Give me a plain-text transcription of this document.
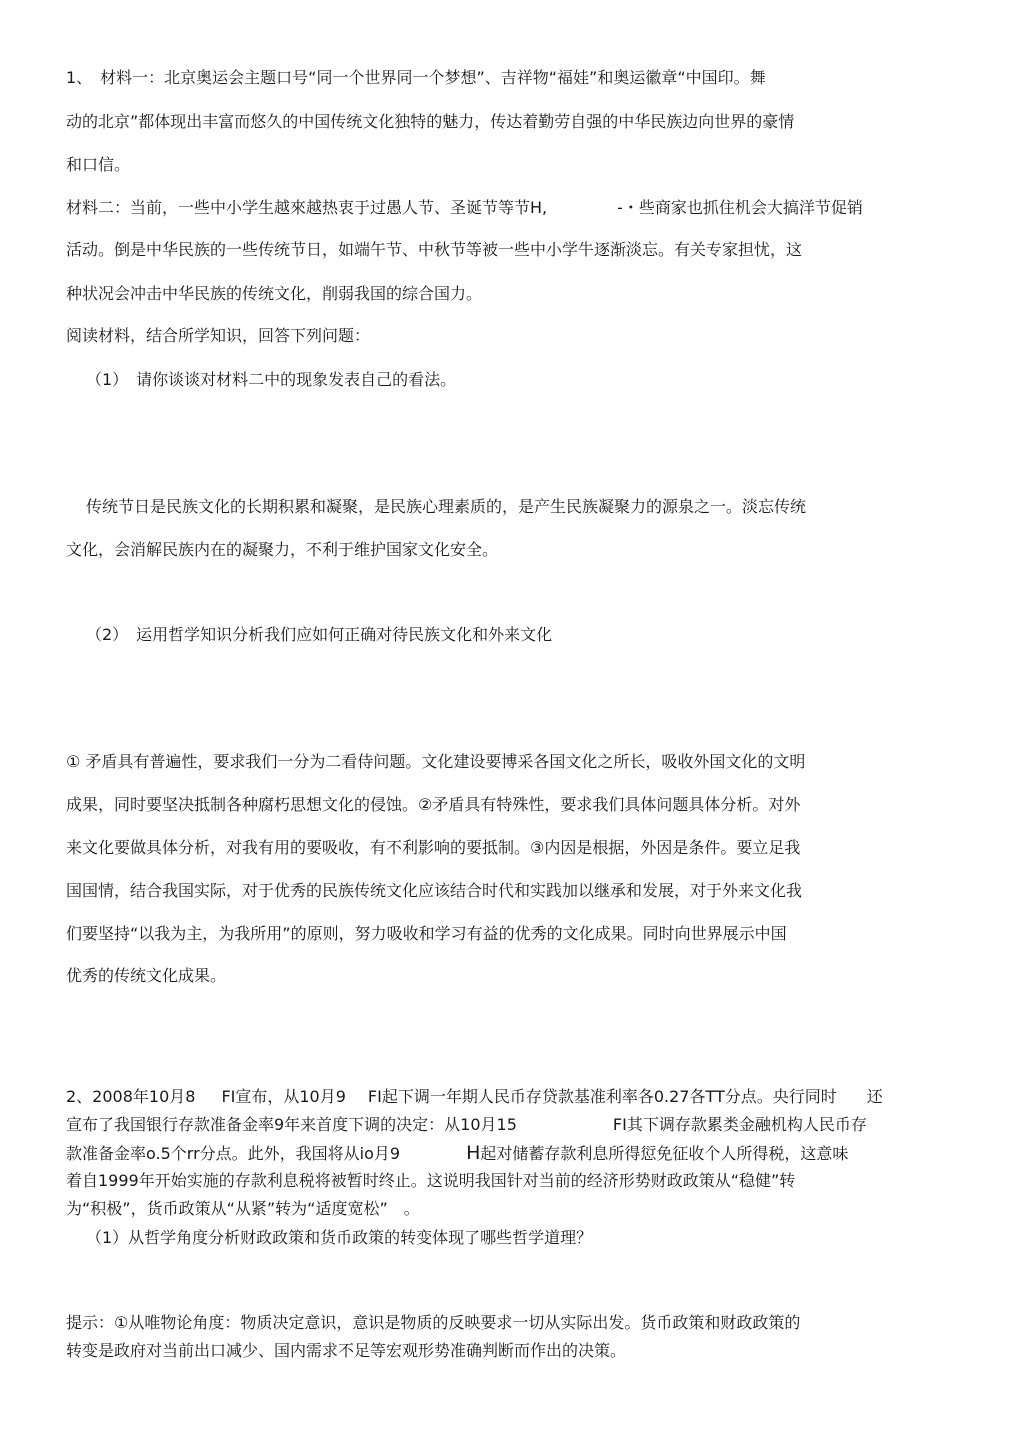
1、　材料一：北京奥运会主题口号“同一个世界同一个梦想”、吉祥物“福娃”和奥运徽章“中国印。舞
动的北京”都体现出丰富而悠久的中国传统文化独特的魅力，传达着勤劳自强的中华民族边向世界的豪情
和口信。
材料二：当前，一些中小学生越來越热衷于过愚人节、圣诞节等节H,	-・些商家也抓住机会大搞洋节促销
活动。倒是中华民族的一些传统节日，如端午节、中秋节等被一些中小学牛逐渐淡忘。有关专家担忧，这
种状况会冲击中华民族的传统文化，削弱我国的综合国力。
阅读材料，结合所学知识，回答下列问题：
（1）　请你谈谈对材料二中的现象发表自己的看法。
传统节日是民族文化的长期积累和凝聚，是民族心理素质的，是产生民族凝聚力的源泉之一。淡忘传统
文化，会消解民族内在的凝聚力，不利于维护国家文化安全。
（2）　运用哲学知识分析我们应如何正确对待民族文化和外来文化
① 矛盾具有普遍性，要求我们一分为二看侍问题。文化建设要博采各国文化之所长，吸收外国文化的文明
成果，同时要坚决抵制各种腐朽思想文化的侵蚀。②矛盾具有特殊性，要求我们具体问题具体分析。对外
来文化要做具体分析，对我有用的要吸收，有不利影响的要抵制。③内因是根据，外因是条件。要立足我
国国情，结合我国实际，对于优秀的民族传统文化应该结合时代和实践加以继承和发展，对于外来文化我
们要坚持“以我为主，为我所用”的原则，努力吸收和学习有益的优秀的文化成果。同时向世界展示中国
优秀的传统文化成果。
2、2008年10月8 FI宣布，从10月9 FI起下调一年期人民币存贷款基准利率各0.27各TT分点。央行同时 还
宣布了我国银行存款准备金率9年来首度下调的决定：从10月15	FI其下调存款累类金融机构人民币存
款准备金率o.5个rr分点。此外，我国将从io月9	H起对储蓄存款利息所得愆免征收个人所得税，这意味
着自1999年开始实施的存款利息税将被暂时终止。这说明我国针对当前的经济形势财政政策从“稳健”转
为“积极”，货币政策从“从紧”转为“适度宽松”　。
（1）从哲学角度分析财政政策和货币政策的转变体现了哪些哲学道理？
提示：①从唯物论角度：物质决定意识，意识是物质的反映要求一切从实际出发。货币政策和财政政策的
转变是政府对当前出口减少、国内需求不足等宏观形势准确判断而作出的决策。
